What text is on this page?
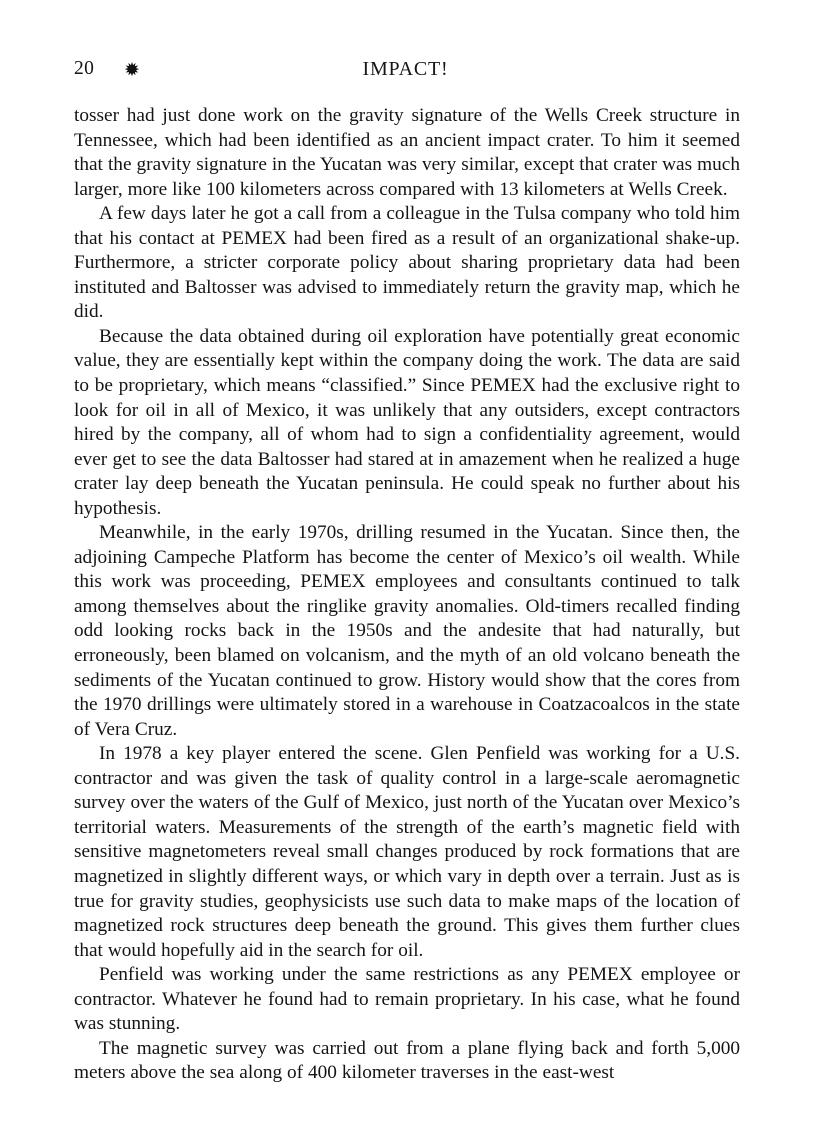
20 ✹	IMPACT!

tosser had just done work on the gravity signature of the Wells Creek structure in Tennessee, which had been identified as an ancient impact crater. To him it seemed that the gravity signature in the Yucatan was very similar, except that crater was much larger, more like 100 kilometers across compared with 13 kilometers at Wells Creek.

A few days later he got a call from a colleague in the Tulsa company who told him that his contact at PEMEX had been fired as a result of an organizational shake-up. Furthermore, a stricter corporate policy about sharing proprietary data had been instituted and Baltosser was advised to immediately return the gravity map, which he did.

Because the data obtained during oil exploration have potentially great economic value, they are essentially kept within the company doing the work. The data are said to be proprietary, which means “classified.” Since PEMEX had the exclusive right to look for oil in all of Mexico, it was unlikely that any outsiders, except contractors hired by the company, all of whom had to sign a confidentiality agreement, would ever get to see the data Baltosser had stared at in amazement when he realized a huge crater lay deep beneath the Yucatan peninsula. He could speak no further about his hypothesis.

Meanwhile, in the early 1970s, drilling resumed in the Yucatan. Since then, the adjoining Campeche Platform has become the center of Mexico’s oil wealth. While this work was proceeding, PEMEX employees and consultants continued to talk among themselves about the ringlike gravity anomalies. Old-timers recalled finding odd looking rocks back in the 1950s and the andesite that had naturally, but erroneously, been blamed on volcanism, and the myth of an old volcano beneath the sediments of the Yucatan continued to grow. History would show that the cores from the 1970 drillings were ultimately stored in a warehouse in Coatzacoalcos in the state of Vera Cruz.

In 1978 a key player entered the scene. Glen Penfield was working for a U.S. contractor and was given the task of quality control in a large-scale aeromagnetic survey over the waters of the Gulf of Mexico, just north of the Yucatan over Mexico’s territorial waters. Measurements of the strength of the earth’s magnetic field with sensitive magnetometers reveal small changes produced by rock formations that are magnetized in slightly different ways, or which vary in depth over a terrain. Just as is true for gravity studies, geophysicists use such data to make maps of the location of magnetized rock structures deep beneath the ground. This gives them further clues that would hopefully aid in the search for oil.

Penfield was working under the same restrictions as any PEMEX employee or contractor. Whatever he found had to remain proprietary. In his case, what he found was stunning.

The magnetic survey was carried out from a plane flying back and forth 5,000 meters above the sea along of 400 kilometer traverses in the east-west
